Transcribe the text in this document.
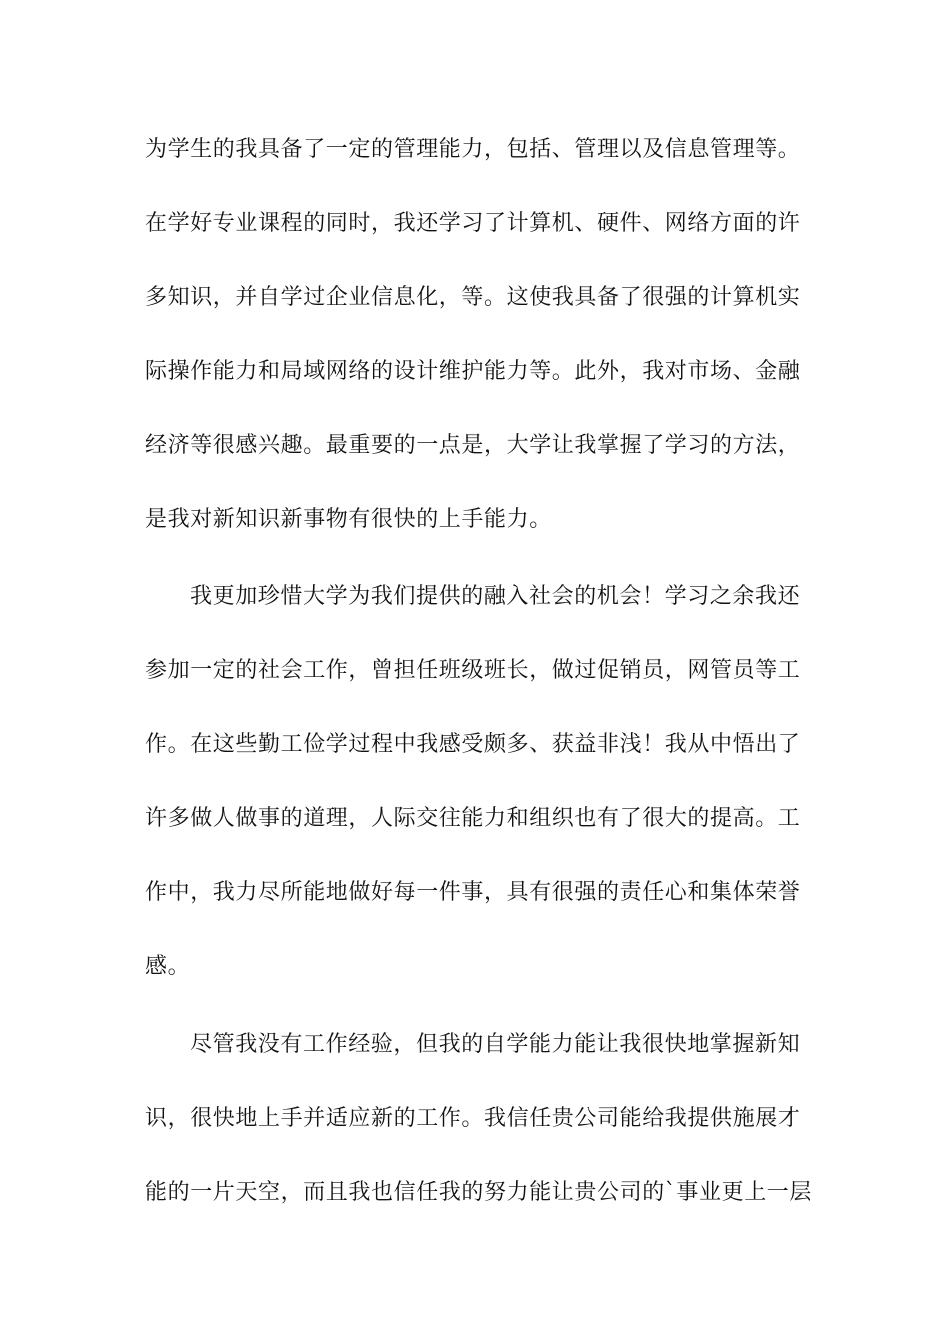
为学生的我具备了一定的管理能力，包括、管理以及信息管理等。
在学好专业课程的同时，我还学习了计算机、硬件、网络方面的许
多知识，并自学过企业信息化，等。这使我具备了很强的计算机实
际操作能力和局域网络的设计维护能力等。此外，我对市场、金融
经济等很感兴趣。最重要的一点是，大学让我掌握了学习的方法，
是我对新知识新事物有很快的上手能力。
我更加珍惜大学为我们提供的融入社会的机会！学习之余我还
参加一定的社会工作，曾担任班级班长，做过促销员，网管员等工
作。在这些勤工俭学过程中我感受颇多、获益非浅！我从中悟出了
许多做人做事的道理，人际交往能力和组织也有了很大的提高。工
作中，我力尽所能地做好每一件事，具有很强的责任心和集体荣誉
感。
尽管我没有工作经验，但我的自学能力能让我很快地掌握新知
识，很快地上手并适应新的工作。我信任贵公司能给我提供施展才
能的一片天空，而且我也信任我的努力能让贵公司的`事业更上一层
